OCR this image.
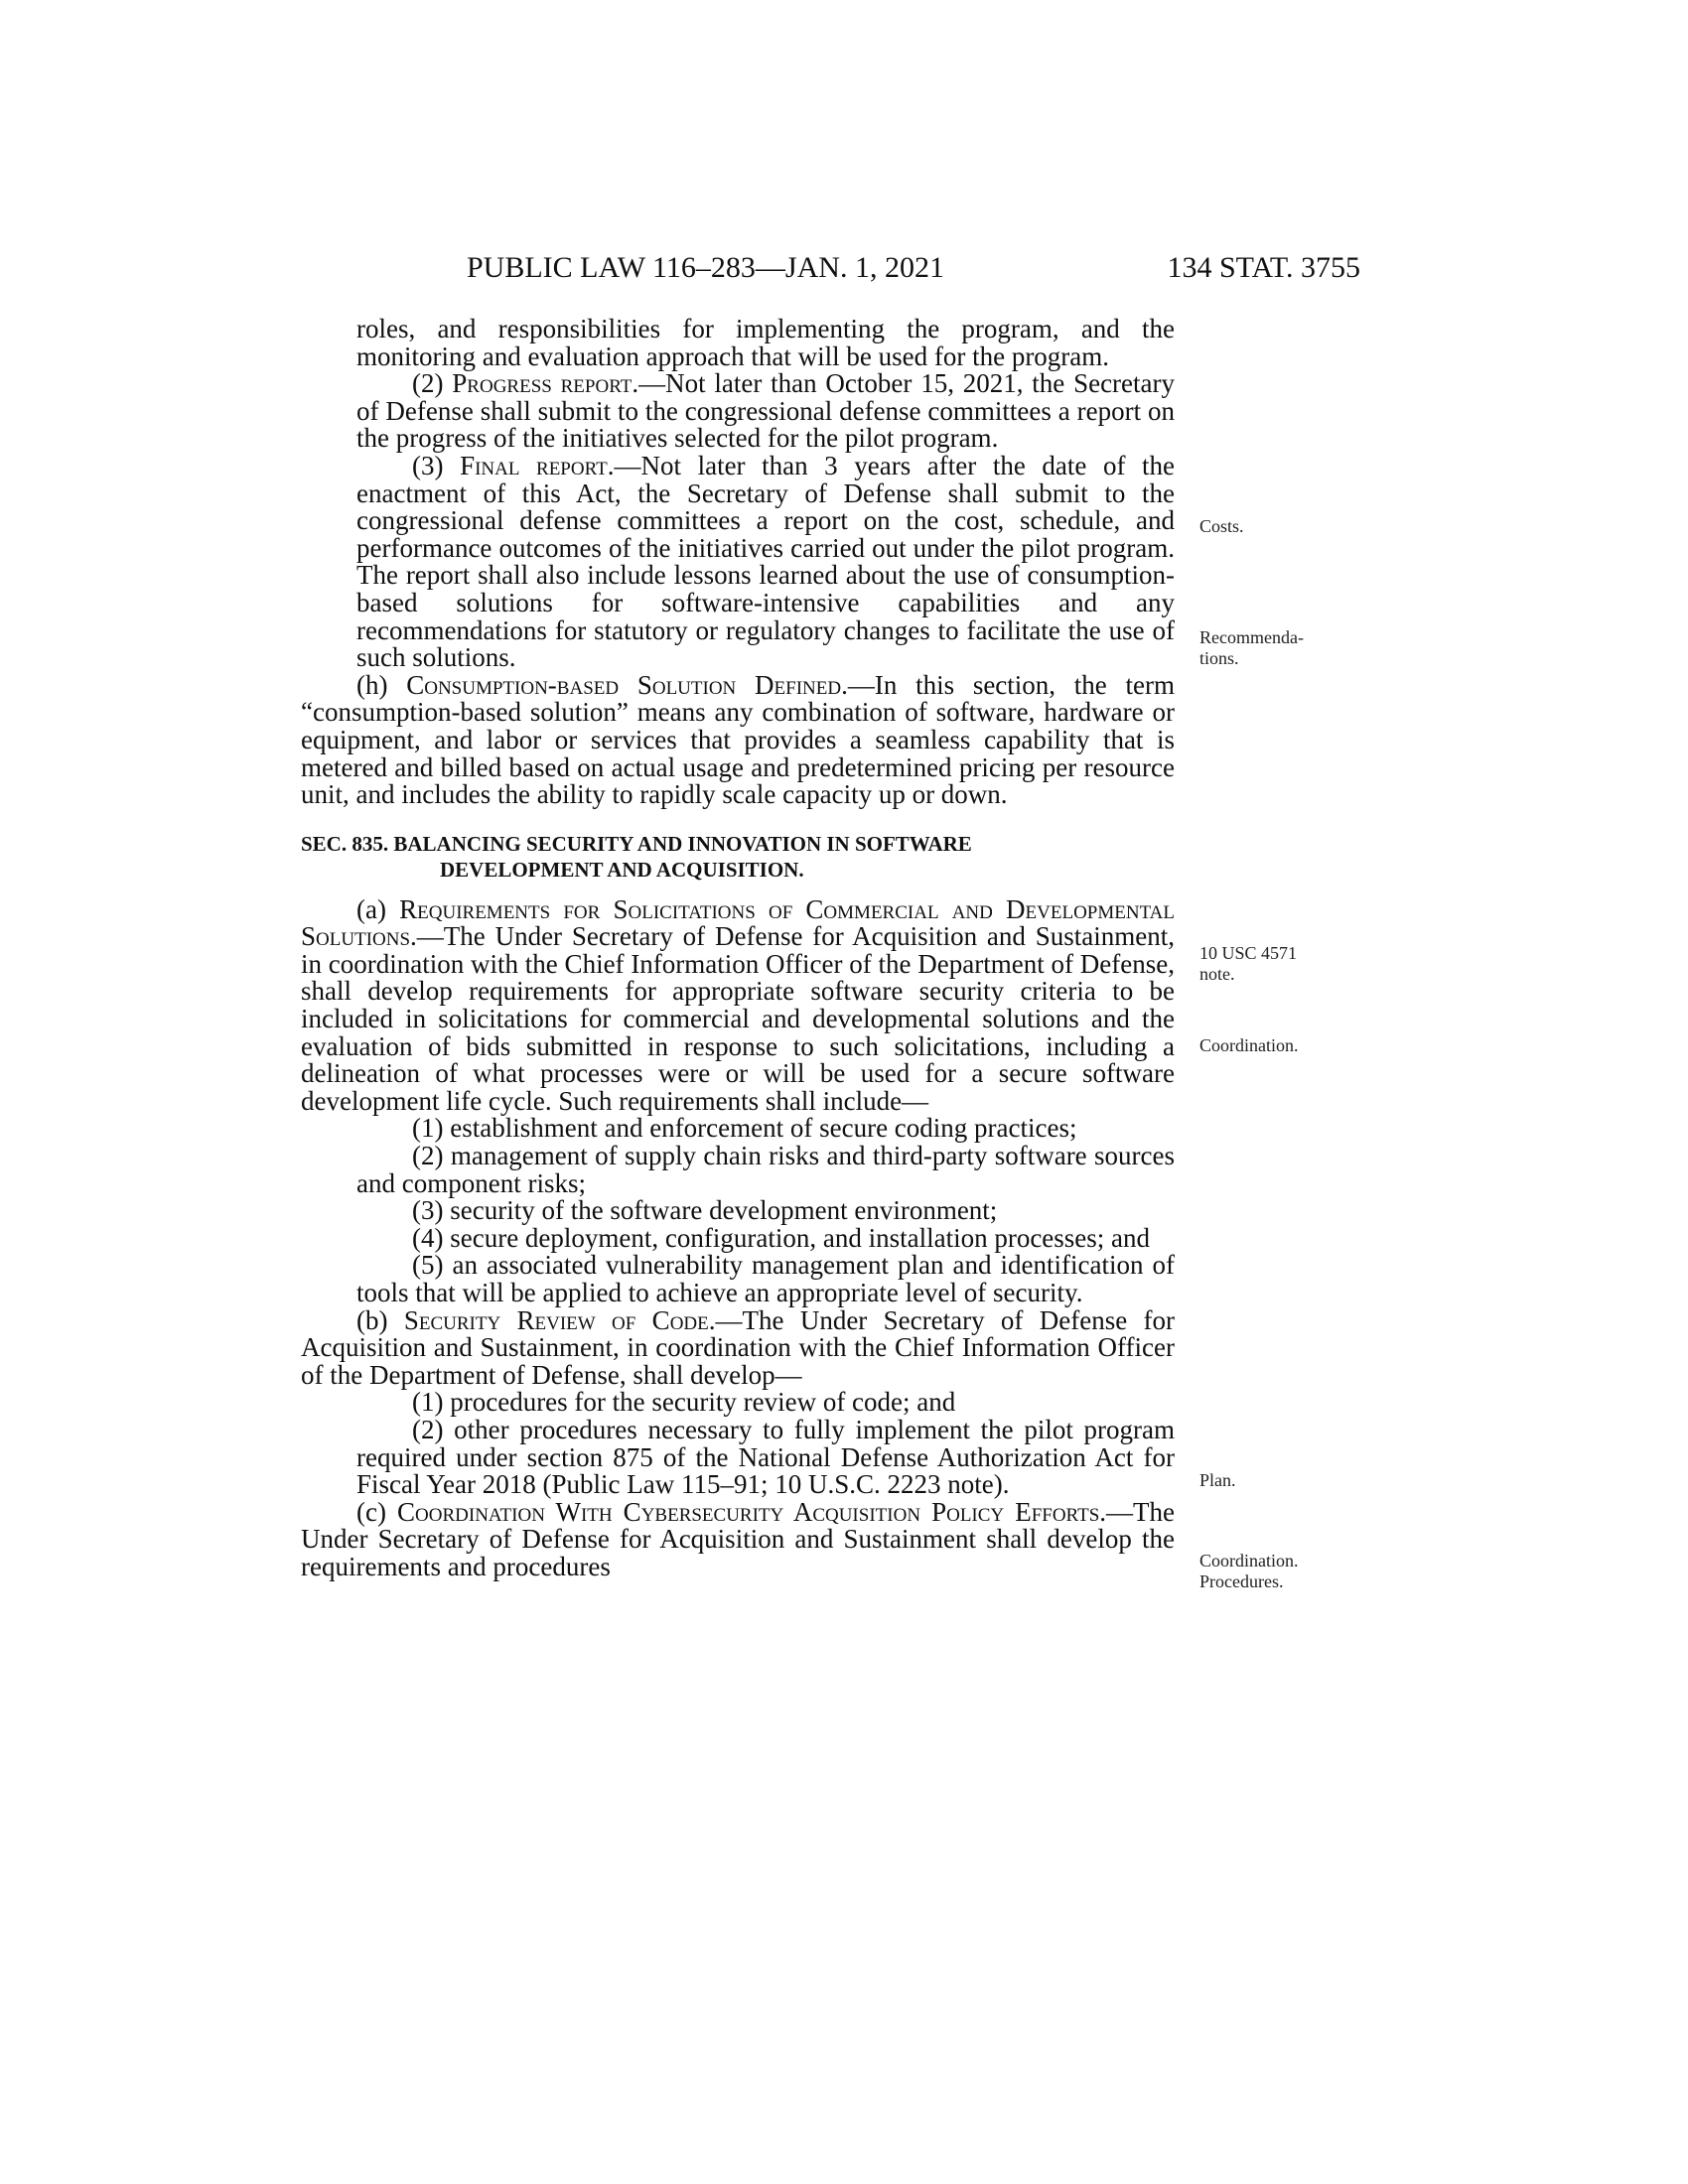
PUBLIC LAW 116–283—JAN. 1, 2021	134 STAT. 3755

roles, and responsibilities for implementing the program, and the monitoring and evaluation approach that will be used for the program.

(2) Progress report.—Not later than October 15, 2021, the Secretary of Defense shall submit to the congressional defense committees a report on the progress of the initiatives selected for the pilot program.

(3) Final report.—Not later than 3 years after the date of the enactment of this Act, the Secretary of Defense shall submit to the congressional defense committees a report on the cost, schedule, and performance outcomes of the initiatives carried out under the pilot program. The report shall also include lessons learned about the use of consumption-based solutions for software-intensive capabilities and any recommendations for statutory or regulatory changes to facilitate the use of such solutions.

(h) Consumption-based Solution Defined.—In this section, the term “consumption-based solution” means any combination of software, hardware or equipment, and labor or services that provides a seamless capability that is metered and billed based on actual usage and predetermined pricing per resource unit, and includes the ability to rapidly scale capacity up or down.

SEC. 835. BALANCING SECURITY AND INNOVATION IN SOFTWARE
DEVELOPMENT AND ACQUISITION.

(a) Requirements for Solicitations of Commercial and Developmental Solutions.—The Under Secretary of Defense for Acquisition and Sustainment, in coordination with the Chief Information Officer of the Department of Defense, shall develop requirements for appropriate software security criteria to be included in solicitations for commercial and developmental solutions and the evaluation of bids submitted in response to such solicitations, including a delineation of what processes were or will be used for a secure software development life cycle. Such requirements shall include—

(1) establishment and enforcement of secure coding practices;

(2) management of supply chain risks and third-party software sources and component risks;

(3) security of the software development environment;

(4) secure deployment, configuration, and installation processes; and

(5) an associated vulnerability management plan and identification of tools that will be applied to achieve an appropriate level of security.

(b) Security Review of Code.—The Under Secretary of Defense for Acquisition and Sustainment, in coordination with the Chief Information Officer of the Department of Defense, shall develop—

(1) procedures for the security review of code; and

(2) other procedures necessary to fully implement the pilot program required under section 875 of the National Defense Authorization Act for Fiscal Year 2018 (Public Law 115–91; 10 U.S.C. 2223 note).

(c) Coordination With Cybersecurity Acquisition Policy Efforts.—The Under Secretary of Defense for Acquisition and Sustainment shall develop the requirements and procedures

Costs.
Recommenda-
tions.
10 USC 4571
note.
Coordination.
Plan.
Coordination.
Procedures.
